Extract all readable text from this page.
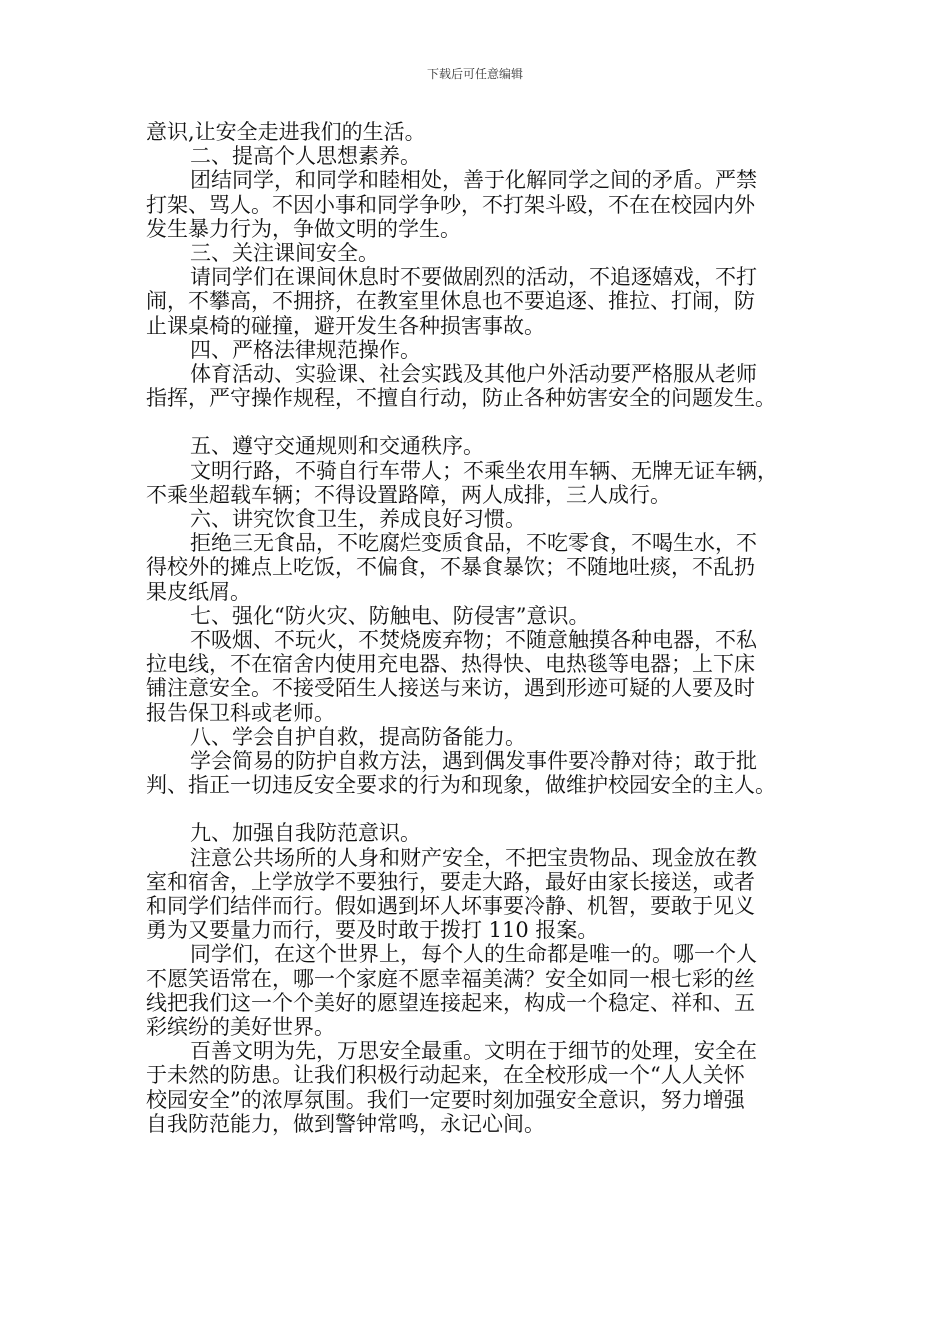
下载后可任意编辑
意识,让安全走进我们的生活。
二、提高个人思想素养。
团结同学，和同学和睦相处，善于化解同学之间的矛盾。严禁
打架、骂人。不因小事和同学争吵，不打架斗殴，不在在校园内外
发生暴力行为，争做文明的学生。
三、关注课间安全。
请同学们在课间休息时不要做剧烈的活动，不追逐嬉戏，不打
闹，不攀高，不拥挤，在教室里休息也不要追逐、推拉、打闹，防
止课桌椅的碰撞，避开发生各种损害事故。
四、严格法律规范操作。
体育活动、实验课、社会实践及其他户外活动要严格服从老师
指挥，严守操作规程，不擅自行动，防止各种妨害安全的问题发生。
五、遵守交通规则和交通秩序。
文明行路，不骑自行车带人；不乘坐农用车辆、无牌无证车辆，
不乘坐超载车辆；不得设置路障，两人成排，三人成行。
六、讲究饮食卫生，养成良好习惯。
拒绝三无食品，不吃腐烂变质食品，不吃零食，不喝生水，不
得校外的摊点上吃饭，不偏食，不暴食暴饮；不随地吐痰，不乱扔
果皮纸屑。
七、强化“防火灾、防触电、防侵害”意识。
不吸烟、不玩火，不焚烧废弃物；不随意触摸各种电器，不私
拉电线，不在宿舍内使用充电器、热得快、电热毯等电器；上下床
铺注意安全。不接受陌生人接送与来访，遇到形迹可疑的人要及时
报告保卫科或老师。
八、学会自护自救，提高防备能力。
学会简易的防护自救方法，遇到偶发事件要冷静对待；敢于批
判、指正一切违反安全要求的行为和现象，做维护校园安全的主人。
九、加强自我防范意识。
注意公共场所的人身和财产安全，不把宝贵物品、现金放在教
室和宿舍，上学放学不要独行，要走大路，最好由家长接送，或者
和同学们结伴而行。假如遇到坏人坏事要冷静、机智，要敢于见义
勇为又要量力而行，要及时敢于拨打 110 报案。
同学们，在这个世界上，每个人的生命都是唯一的。哪一个人
不愿笑语常在，哪一个家庭不愿幸福美满？安全如同一根七彩的丝
线把我们这一个个美好的愿望连接起来，构成一个稳定、祥和、五
彩缤纷的美好世界。
百善文明为先，万思安全最重。文明在于细节的处理，安全在
于未然的防患。让我们积极行动起来，在全校形成一个“人人关怀
校园安全”的浓厚氛围。我们一定要时刻加强安全意识，努力增强
自我防范能力，做到警钟常鸣，永记心间。
